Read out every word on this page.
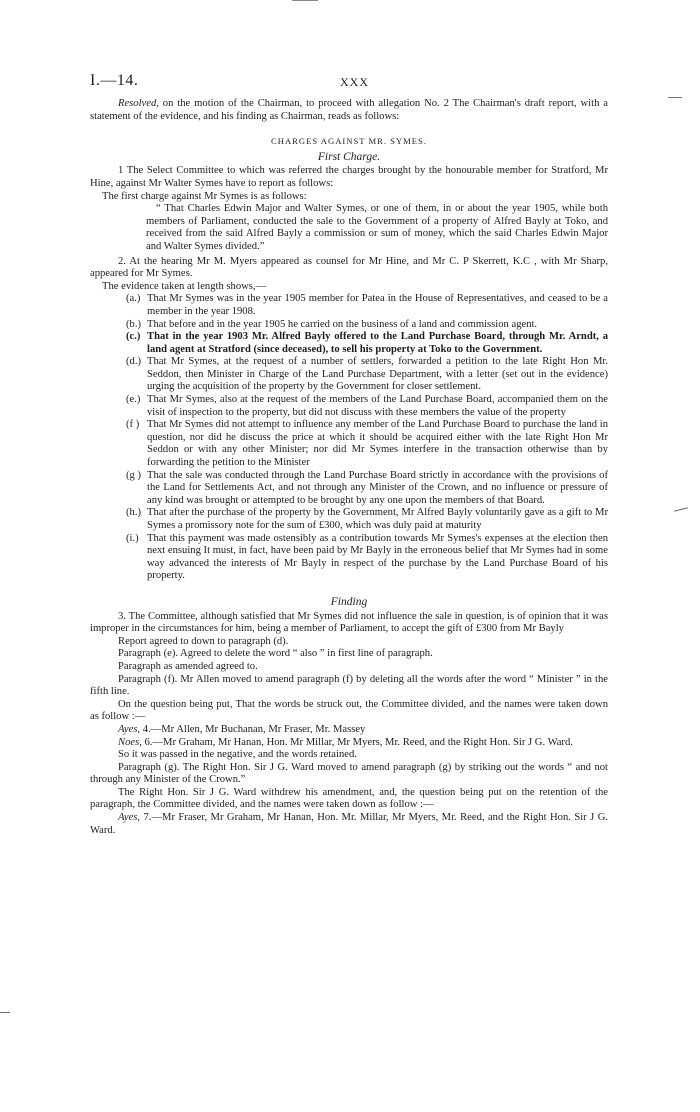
I.—14.	XXX

Resolved, on the motion of the Chairman, to proceed with allegation No. 2 The Chairman's draft report, with a statement of the evidence, and his finding as Chairman, reads as follows:

CHARGES AGAINST MR. SYMES.

First Charge.

1 The Select Committee to which was referred the charges brought by the honourable member for Stratford, Mr Hine, against Mr Walter Symes have to report as follows:

The first charge against Mr Symes is as follows:

“ That Charles Edwin Major and Walter Symes, or one of them, in or about the year 1905, while both members of Parliament, conducted the sale to the Government of a property of Alfred Bayly at Toko, and received from the said Alfred Bayly a commission or sum of money, which the said Charles Edwin Major and Walter Symes divided.”

2. At the hearing Mr M. Myers appeared as counsel for Mr Hine, and Mr C. P Skerrett, K.C , with Mr Sharp, appeared for Mr Symes.

The evidence taken at length shows,—

(a.) That Mr Symes was in the year 1905 member for Patea in the House of Representatives, and ceased to be a member in the year 1908.
(b.) That before and in the year 1905 he carried on the business of a land and commission agent.
(c.) That in the year 1903 Mr. Alfred Bayly offered to the Land Purchase Board, through Mr. Arndt, a land agent at Stratford (since deceased), to sell his property at Toko to the Government.
(d.) That Mr Symes, at the request of a number of settlers, forwarded a petition to the late Right Hon Mr. Seddon, then Minister in Charge of the Land Purchase Department, with a letter (set out in the evidence) urging the acquisition of the property by the Government for closer settlement.
(e.) That Mr Symes, also at the request of the members of the Land Purchase Board, accompanied them on the visit of inspection to the property, but did not discuss with these members the value of the property
(f ) That Mr Symes did not attempt to influence any member of the Land Purchase Board to purchase the land in question, nor did he discuss the price at which it should be acquired either with the late Right Hon Mr Seddon or with any other Minister; nor did Mr Symes interfere in the transaction otherwise than by forwarding the petition to the Minister
(g ) That the sale was conducted through the Land Purchase Board strictly in accordance with the provisions of the Land for Settlements Act, and not through any Minister of the Crown, and no influence or pressure of any kind was brought or attempted to be brought by any one upon the members of that Board.
(h.) That after the purchase of the property by the Government, Mr Alfred Bayly voluntarily gave as a gift to Mr Symes a promissory note for the sum of £300, which was duly paid at maturity
(i.) That this payment was made ostensibly as a contribution towards Mr Symes's expenses at the election then next ensuing It must, in fact, have been paid by Mr Bayly in the erroneous belief that Mr Symes had in some way advanced the interests of Mr Bayly in respect of the purchase by the Land Purchase Board of his property.

Finding

3. The Committee, although satisfied that Mr Symes did not influence the sale in question, is of opinion that it was improper in the circumstances for him, being a member of Parliament, to accept the gift of £300 from Mr Bayly

Report agreed to down to paragraph (d).

Paragraph (e). Agreed to delete the word “ also ” in first line of paragraph.

Paragraph as amended agreed to.

Paragraph (f). Mr Allen moved to amend paragraph (f) by deleting all the words after the word “ Minister ” in the fifth line.

On the question being put, That the words be struck out, the Committee divided, and the names were taken down as follow :—

Ayes, 4.—Mr Allen, Mr Buchanan, Mr Fraser, Mr. Massey

Noes, 6.—Mr Graham, Mr Hanan, Hon. Mr Millar, Mr Myers, Mr. Reed, and the Right Hon. Sir J G. Ward.

So it was passed in the negative, and the words retained.

Paragraph (g). The Right Hon. Sir J G. Ward moved to amend paragraph (g) by striking out the words “ and not through any Minister of the Crown.”

The Right Hon. Sir J G. Ward withdrew his amendment, and, the question being put on the retention of the paragraph, the Committee divided, and the names were taken down as follow :—

Ayes, 7.—Mr Fraser, Mr Graham, Mr Hanan, Hon. Mr. Millar, Mr Myers, Mr. Reed, and the Right Hon. Sir J G. Ward.
